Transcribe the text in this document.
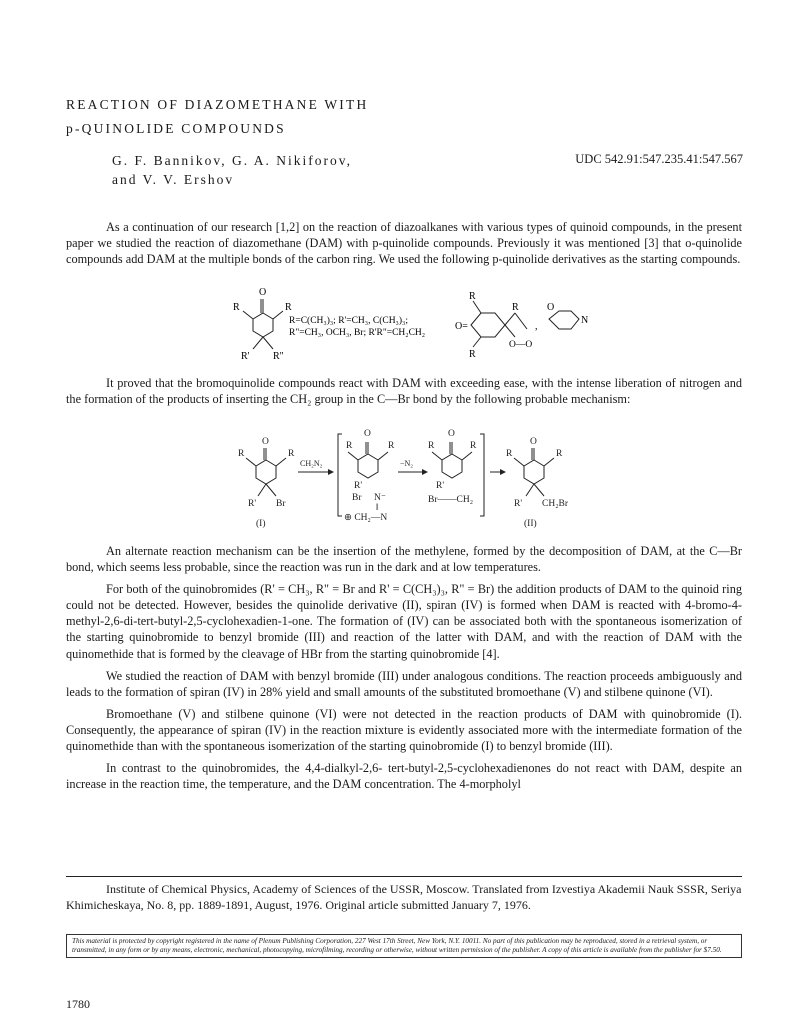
REACTION OF DIAZOMETHANE WITH
p-QUINOLIDE COMPOUNDS
G. F. Bannikov, G. A. Nikiforov,
and V. V. Ershov
UDC 542.91:547.235.41:547.567

As a continuation of our research [1,2] on the reaction of diazoalkanes with various types of quinoid compounds, in the present paper we studied the reaction of diazomethane (DAM) with p-quinolide compounds. Previously it was mentioned [3] that o-quinolide compounds add DAM at the multiple bonds of the carbon ring. We used the following p-quinolide derivatives as the starting compounds.

O
R	R
R' R"
R=C(CH₃)₃; R'=CH₃, C(CH₃)₃;
R"=CH₃, OCH₃, Br; R'R"=CH₂CH₂
O=
R
R
R
O—O
,
O
N

It proved that the bromoquinolide compounds react with DAM with exceeding ease, with the intense liberation of nitrogen and the formation of the products of inserting the CH₂ group in the C—Br bond by the following probable mechanism:

O
R	R
R' Br
(I)
CH₂N₂
O
R	R
R'
Br N⁻
‖
⊕ CH₂—N
−N₂
O
R	R
R'
Br——CH₂
O
R	R
R' CH₂Br
(II)

An alternate reaction mechanism can be the insertion of the methylene, formed by the decomposition of DAM, at the C—Br bond, which seems less probable, since the reaction was run in the dark and at low temperatures.

For both of the quinobromides (R' = CH₃, R" = Br and R' = C(CH₃)₃, R" = Br) the addition products of DAM to the quinoid ring could not be detected. However, besides the quinolide derivative (II), spiran (IV) is formed when DAM is reacted with 4-bromo-4-methyl-2,6-di-tert-butyl-2,5-cyclohexadien-1-one. The formation of (IV) can be associated both with the spontaneous isomerization of the starting quinobromide to benzyl bromide (III) and reaction of the latter with DAM, and with the reaction of DAM with the quinomethide that is formed by the cleavage of HBr from the starting quinobromide [4].

We studied the reaction of DAM with benzyl bromide (III) under analogous conditions. The reaction proceeds ambiguously and leads to the formation of spiran (IV) in 28% yield and small amounts of the substituted bromoethane (V) and stilbene quinone (VI).

Bromoethane (V) and stilbene quinone (VI) were not detected in the reaction products of DAM with quinobromide (I). Consequently, the appearance of spiran (IV) in the reaction mixture is evidently associated more with the intermediate formation of the quinomethide than with the spontaneous isomerization of the starting quinobromide (I) to benzyl bromide (III).

In contrast to the quinobromides, the 4,4-dialkyl-2,6- tert-butyl-2,5-cyclohexadienones do not react with DAM, despite an increase in the reaction time, the temperature, and the DAM concentration. The 4-morpholyl

Institute of Chemical Physics, Academy of Sciences of the USSR, Moscow. Translated from Izvestiya Akademii Nauk SSSR, Seriya Khimicheskaya, No. 8, pp. 1889-1891, August, 1976. Original article submitted January 7, 1976.
This material is protected by copyright registered in the name of Plenum Publishing Corporation, 227 West 17th Street, New York, N.Y. 10011. No part of this publication may be reproduced, stored in a retrieval system, or transmitted, in any form or by any means, electronic, mechanical, photocopying, microfilming, recording or otherwise, without written permission of the publisher. A copy of this article is available from the publisher for $7.50.
1780
